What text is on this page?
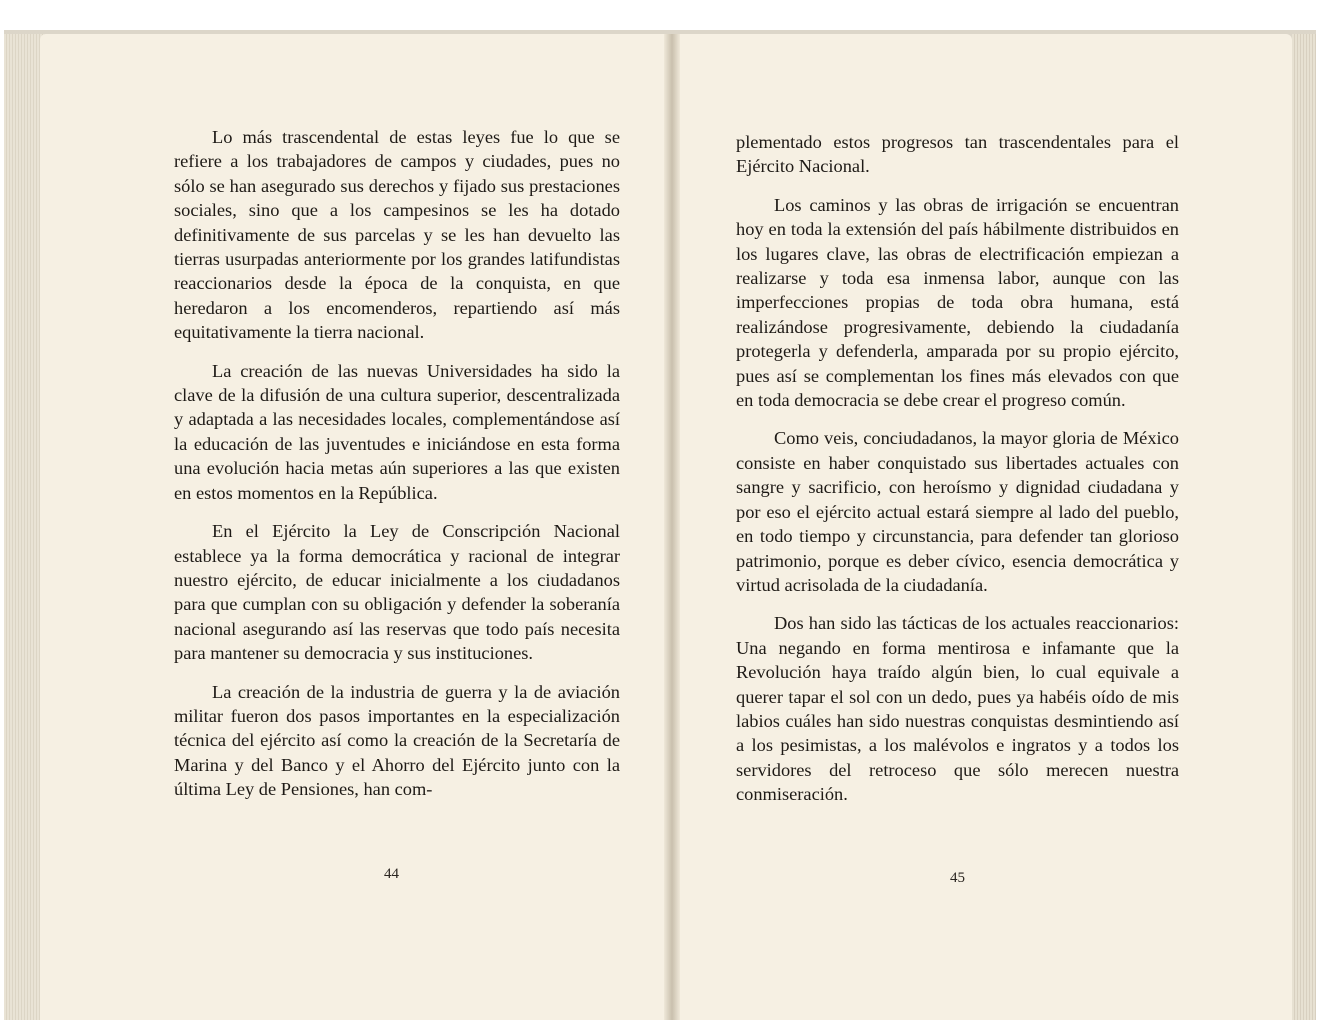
Lo más trascendental de estas leyes fue lo que se refiere a los trabajadores de campos y ciudades, pues no sólo se han asegurado sus derechos y fijado sus prestaciones sociales, sino que a los campesinos se les ha dotado definitivamente de sus parcelas y se les han devuelto las tierras usurpadas anteriormente por los grandes latifundistas reaccionarios desde la época de la conquista, en que heredaron a los encomenderos, repartiendo así más equitativamente la tierra nacional.

La creación de las nuevas Universidades ha sido la clave de la difusión de una cultura superior, descentralizada y adaptada a las necesidades locales, complementándose así la educación de las juventudes e iniciándose en esta forma una evolución hacia metas aún superiores a las que existen en estos momentos en la República.

En el Ejército la Ley de Conscripción Nacional establece ya la forma democrática y racional de integrar nuestro ejército, de educar inicialmente a los ciudadanos para que cumplan con su obligación y defender la soberanía nacional asegurando así las reservas que todo país necesita para mantener su democracia y sus instituciones.

La creación de la industria de guerra y la de aviación militar fueron dos pasos importantes en la especialización técnica del ejército así como la creación de la Secretaría de Marina y del Banco y el Ahorro del Ejército junto con la última Ley de Pensiones, han com-

44

plementado estos progresos tan trascendentales para el Ejército Nacional.

Los caminos y las obras de irrigación se encuentran hoy en toda la extensión del país hábilmente distribuidos en los lugares clave, las obras de electrificación empiezan a realizarse y toda esa inmensa labor, aunque con las imperfecciones propias de toda obra humana, está realizándose progresivamente, debiendo la ciudadanía protegerla y defenderla, amparada por su propio ejército, pues así se complementan los fines más elevados con que en toda democracia se debe crear el progreso común.

Como veis, conciudadanos, la mayor gloria de México consiste en haber conquistado sus libertades actuales con sangre y sacrificio, con heroísmo y dignidad ciudadana y por eso el ejército actual estará siempre al lado del pueblo, en todo tiempo y circunstancia, para defender tan glorioso patrimonio, porque es deber cívico, esencia democrática y virtud acrisolada de la ciudadanía.

Dos han sido las tácticas de los actuales reaccionarios: Una negando en forma mentirosa e infamante que la Revolución haya traído algún bien, lo cual equivale a querer tapar el sol con un dedo, pues ya habéis oído de mis labios cuáles han sido nuestras conquistas desmintiendo así a los pesimistas, a los malévolos e ingratos y a todos los servidores del retroceso que sólo merecen nuestra conmiseración.

45
